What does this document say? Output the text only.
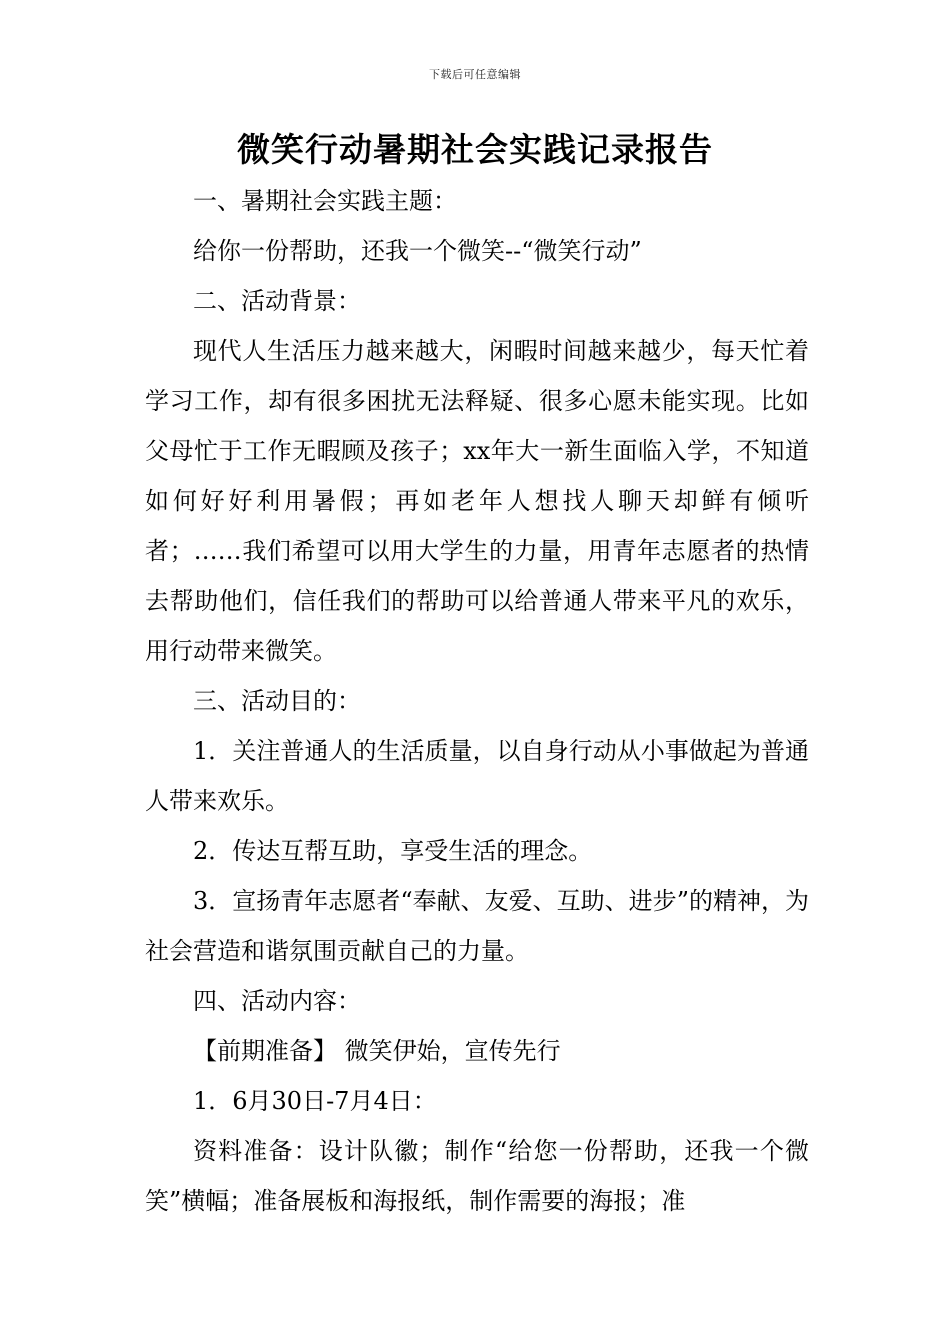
下载后可任意编辑
微笑行动暑期社会实践记录报告

一、暑期社会实践主题：

给你一份帮助，还我一个微笑--“微笑行动”

二、活动背景：

现代人生活压力越来越大，闲暇时间越来越少，每天忙着学习工作，却有很多困扰无法释疑、很多心愿未能实现。比如父母忙于工作无暇顾及孩子；xx年大一新生面临入学，不知道如何好好利用暑假；再如老年人想找人聊天却鲜有倾听者；……我们希望可以用大学生的力量，用青年志愿者的热情去帮助他们，信任我们的帮助可以给普通人带来平凡的欢乐，用行动带来微笑。

三、活动目的：

1．关注普通人的生活质量，以自身行动从小事做起为普通人带来欢乐。

2．传达互帮互助，享受生活的理念。

3．宣扬青年志愿者“奉献、友爱、互助、进步”的精神，为社会营造和谐氛围贡献自己的力量。

四、活动内容：

【前期准备】 微笑伊始，宣传先行

1．6月30日-7月4日：

资料准备：设计队徽；制作“给您一份帮助，还我一个微笑”横幅；准备展板和海报纸，制作需要的海报；准
